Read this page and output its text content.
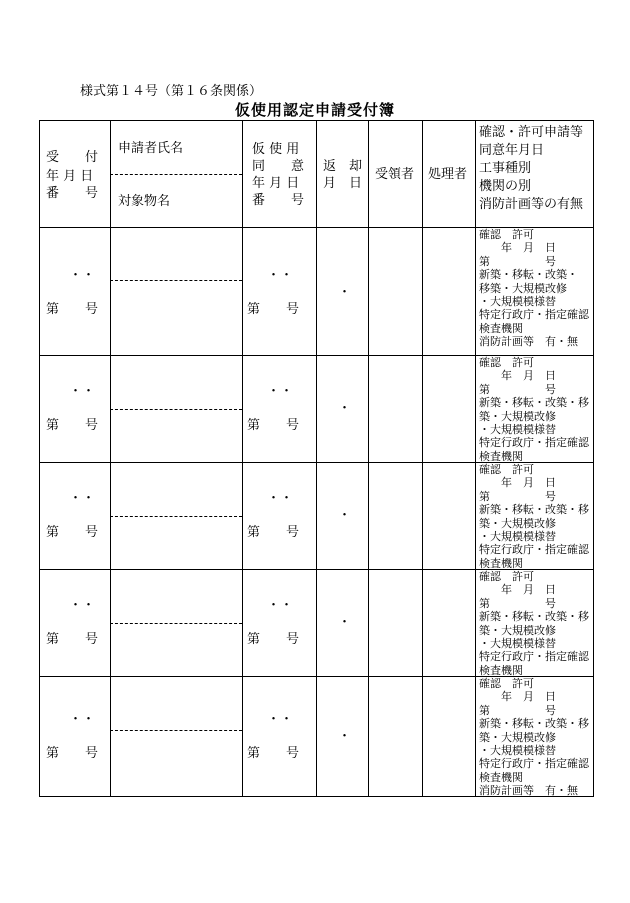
様式第１４号（第１６条関係）
仮使用認定申請受付簿
受　　付
年 月 日
番　　号
申請者氏名
対象物名
仮 使 用
同　　意
年 月 日
番　　号
返　却
月　日
受領者 処理者
確認・許可申請等
同意年月日
工事種別
機関の別
消防計画等の有無
・・
第　　号
・・
第　　号
・
確認　許可
　　年　月　日
第　　　　　号
新築・移転・改築・
移築・大規模改修
・大規模模様替
特定行政庁・指定確認
検査機関
消防計画等　有・無
・・
第　　号
・・
第　　号
・
確認　許可
　　年　月　日
第　　　　　号
新築・移転・改築・移
築・大規模改修
・大規模模様替
特定行政庁・指定確認
検査機関
・・
第　　号
・・
第　　号
・
確認　許可
　　年　月　日
第　　　　　号
新築・移転・改築・移
築・大規模改修
・大規模模様替
特定行政庁・指定確認
検査機関
・・
第　　号
・・
第　　号
・
確認　許可
　　年　月　日
第　　　　　号
新築・移転・改築・移
築・大規模改修
・大規模模様替
特定行政庁・指定確認
検査機関
・・
第　　号
・・
第　　号
・
確認　許可
　　年　月　日
第　　　　　号
新築・移転・改築・移
築・大規模改修
・大規模模様替
特定行政庁・指定確認
検査機関
消防計画等　有・無
